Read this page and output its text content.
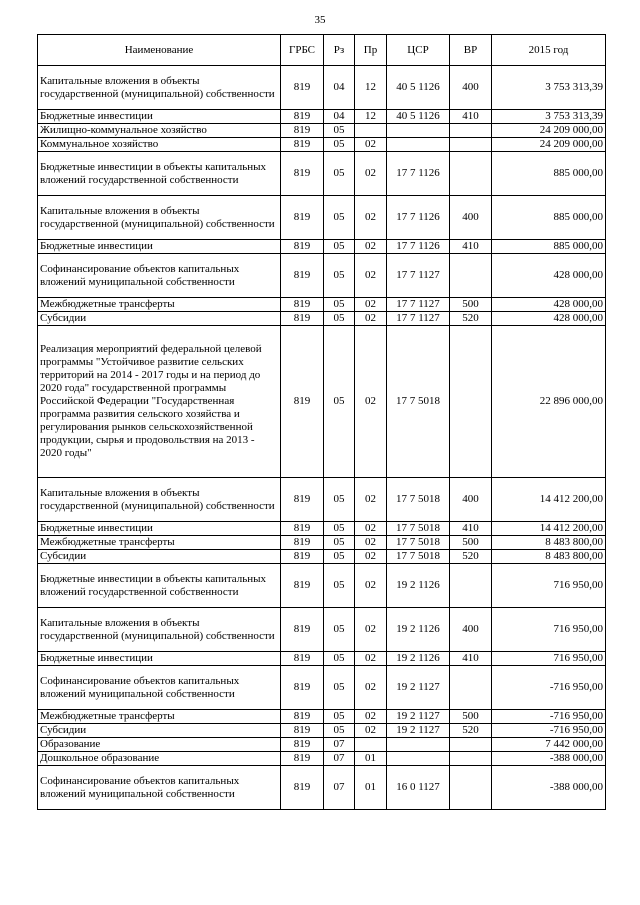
35
Наименование	ГРБС	Рз	Пр	ЦСР	ВР	2015 год
Капитальные вложения в объекты государственной (муниципальной) собственности	819	04	12	40 5 1126	400	3 753 313,39
Бюджетные инвестиции	819	04	12	40 5 1126	410	3 753 313,39
Жилищно-коммунальное хозяйство	819	05				24 209 000,00
Коммунальное хозяйство	819	05	02			24 209 000,00
Бюджетные инвестиции в объекты капитальных вложений государственной собственности	819	05	02	17 7 1126		885 000,00
Капитальные вложения в объекты государственной (муниципальной) собственности	819	05	02	17 7 1126	400	885 000,00
Бюджетные инвестиции	819	05	02	17 7 1126	410	885 000,00
Софинансирование объектов капитальных вложений муниципальной собственности	819	05	02	17 7 1127		428 000,00
Межбюджетные трансферты	819	05	02	17 7 1127	500	428 000,00
Субсидии	819	05	02	17 7 1127	520	428 000,00
Реализация мероприятий федеральной целевой программы "Устойчивое развитие сельских территорий на 2014 - 2017 годы и на период до 2020 года" государственной программы Российской Федерации "Государственная программа развития сельского хозяйства и регулирования рынков сельскохозяйственной продукции, сырья и продовольствия на 2013 - 2020 годы"	819	05	02	17 7 5018		22 896 000,00
Капитальные вложения в объекты государственной (муниципальной) собственности	819	05	02	17 7 5018	400	14 412 200,00
Бюджетные инвестиции	819	05	02	17 7 5018	410	14 412 200,00
Межбюджетные трансферты	819	05	02	17 7 5018	500	8 483 800,00
Субсидии	819	05	02	17 7 5018	520	8 483 800,00
Бюджетные инвестиции в объекты капитальных вложений государственной собственности	819	05	02	19 2 1126		716 950,00
Капитальные вложения в объекты государственной (муниципальной) собственности	819	05	02	19 2 1126	400	716 950,00
Бюджетные инвестиции	819	05	02	19 2 1126	410	716 950,00
Софинансирование объектов капитальных вложений муниципальной собственности	819	05	02	19 2 1127		-716 950,00
Межбюджетные трансферты	819	05	02	19 2 1127	500	-716 950,00
Субсидии	819	05	02	19 2 1127	520	-716 950,00
Образование	819	07				7 442 000,00
Дошкольное образование	819	07	01			-388 000,00
Софинансирование объектов капитальных вложений муниципальной собственности	819	07	01	16 0 1127		-388 000,00
